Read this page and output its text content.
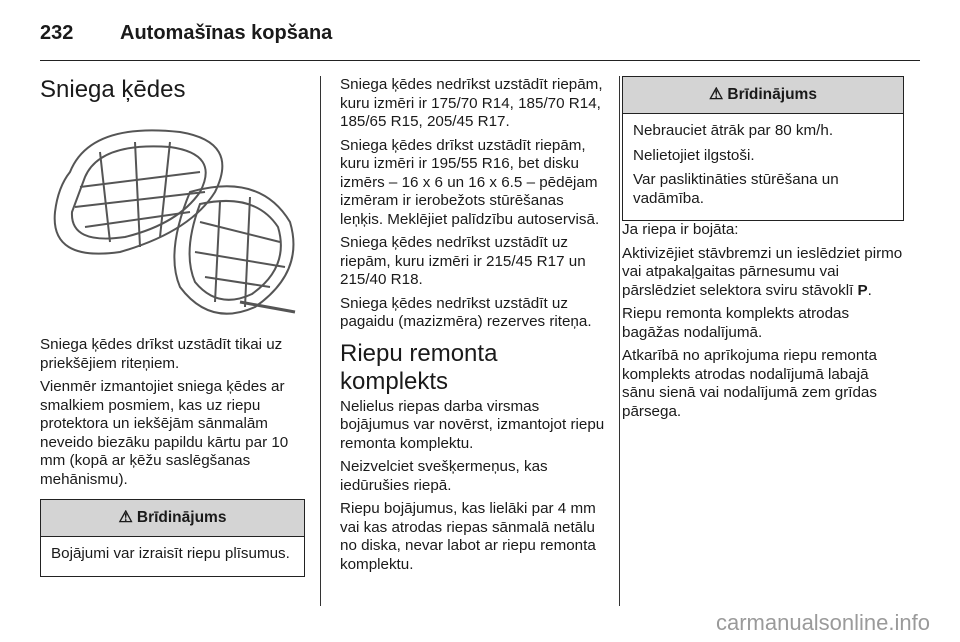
232 Automašīnas kopšana
Sniega ķēdes

Sniega ķēdes drīkst uzstādīt tikai uz priekšējiem riteņiem.

Vienmēr izmantojiet sniega ķēdes ar smalkiem posmiem, kas uz riepu protektora un iekšējām sānmalām neveido biezāku papildu kārtu par 10 mm (kopā ar ķēžu saslēgšanas mehānismu).

⚠ Brīdinājums

Bojājumi var izraisīt riepu plīsumus.

Sniega ķēdes nedrīkst uzstādīt riepām, kuru izmēri ir 175/70 R14, 185/70 R14, 185/65 R15, 205/45 R17.

Sniega ķēdes drīkst uzstādīt riepām, kuru izmēri ir 195/55 R16, bet disku izmērs – 16 x 6 un 16 x 6.5 – pēdējam izmēram ir ierobežots stūrēšanas leņķis. Meklējiet palīdzību autoservisā.

Sniega ķēdes nedrīkst uzstādīt uz riepām, kuru izmēri ir 215/45 R17 un 215/40 R18.

Sniega ķēdes nedrīkst uzstādīt uz pagaidu (mazizmēra) rezerves riteņa.

Riepu remonta komplekts

Nelielus riepas darba virsmas bojājumus var novērst, izmantojot riepu remonta komplektu.

Neizvelciet svešķermeņus, kas iedūrušies riepā.

Riepu bojājumus, kas lielāki par 4 mm vai kas atrodas riepas sānmalā netālu no diska, nevar labot ar riepu remonta komplektu.

⚠ Brīdinājums

Nebrauciet ātrāk par 80 km/h.

Nelietojiet ilgstoši.

Var pasliktināties stūrēšana un vadāmība.

Ja riepa ir bojāta:

Aktivizējiet stāvbremzi un ieslēdziet pirmo vai atpakaļgaitas pārnesumu vai pārslēdziet selektora sviru stāvoklī P.

Riepu remonta komplekts atrodas bagāžas nodalījumā.

Atkarībā no aprīkojuma riepu remonta komplekts atrodas nodalījumā labajā sānu sienā vai nodalījumā zem grīdas pārsega.

carmanualsonline.info
